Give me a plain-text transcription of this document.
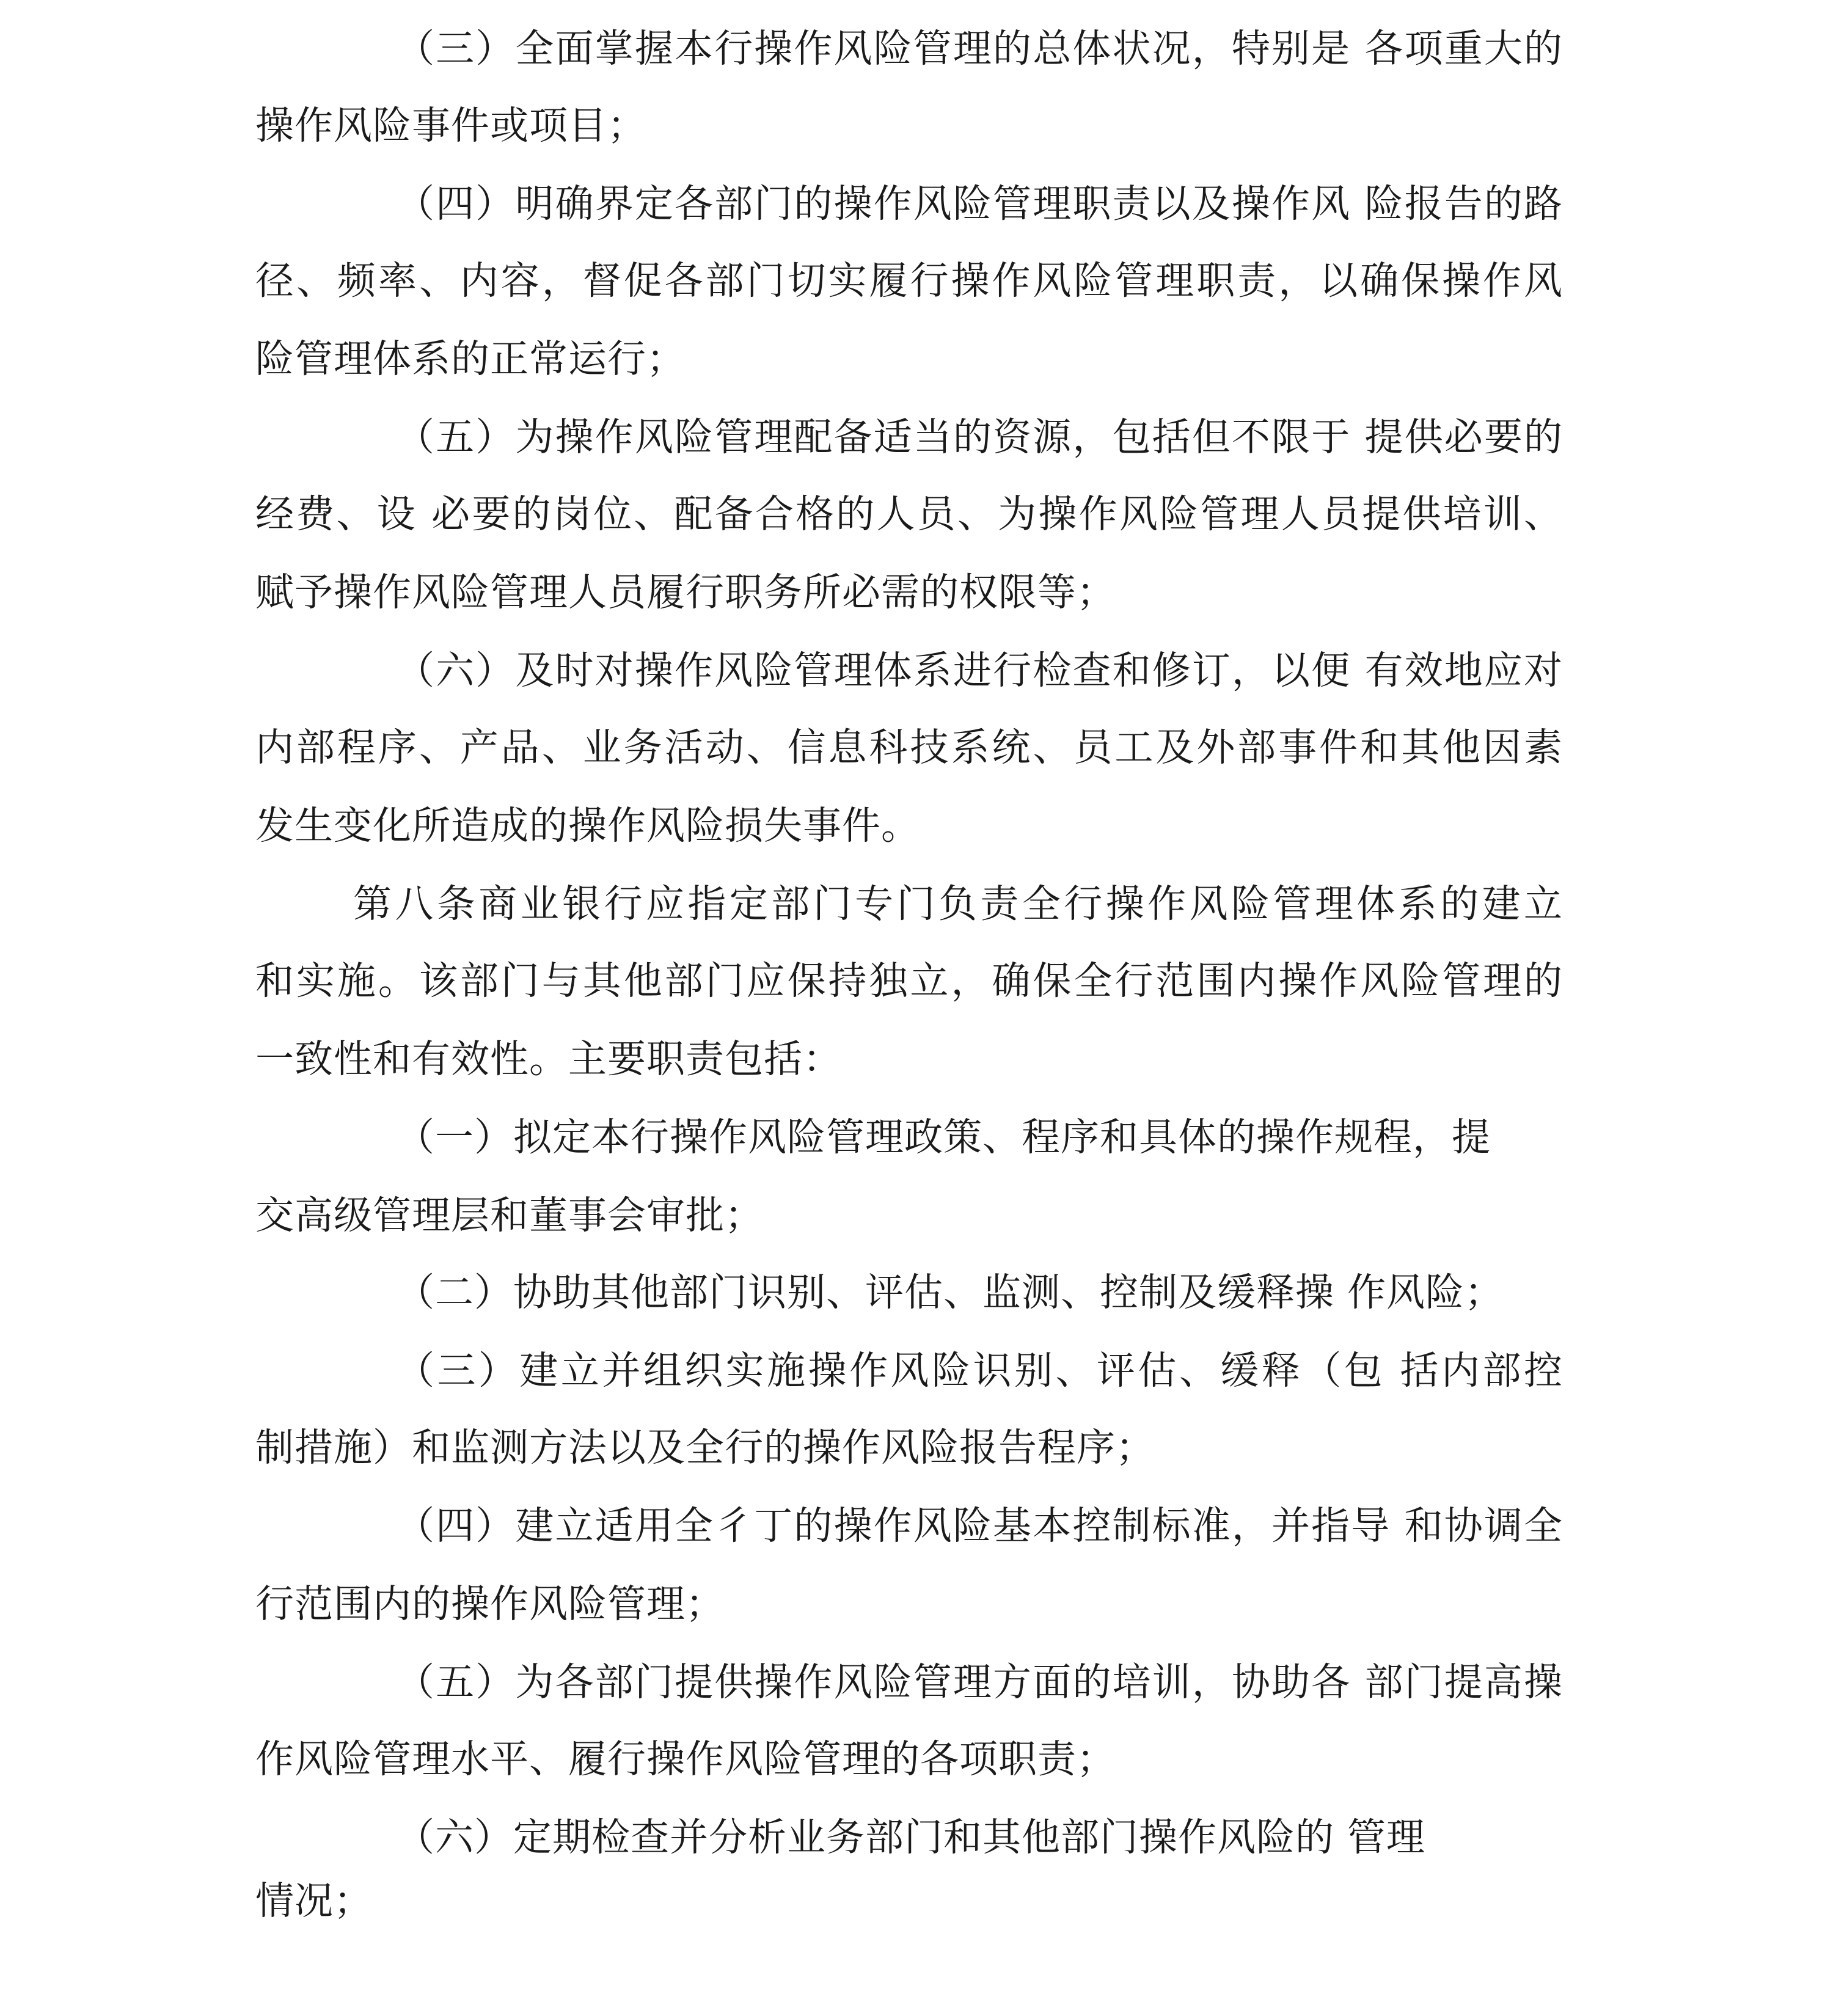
（三）全面掌握本行操作风险管理的总体状况，特别是 各项重大的
操作风险事件或项目；
（四）明确界定各部门的操作风险管理职责以及操作风 险报告的路
径、频率、内容，督促各部门切实履行操作风险管理职责，以确保操作风
险管理体系的正常运行；
（五）为操作风险管理配备适当的资源，包括但不限于 提供必要的
经费、设 必要的岗位、配备合格的人员、为操作风险管理人员提供培训、
赋予操作风险管理人员履行职务所必需的权限等；
（六）及时对操作风险管理体系进行检查和修订，以便 有效地应对
内部程序、产品、业务活动、信息科技系统、员工及外部事件和其他因素
发生变化所造成的操作风险损失事件。
第八条商业银行应指定部门专门负责全行操作风险管理体系的建立
和实施。该部门与其他部门应保持独立，确保全行范围内操作风险管理的
一致性和有效性。主要职责包括：
（一）拟定本行操作风险管理政策、程序和具体的操作规程，提
交高级管理层和董事会审批；
（二）协助其他部门识别、评估、监测、控制及缓释操 作风险；
（三）建立并组织实施操作风险识别、评估、缓释（包 括内部控
制措施）和监测方法以及全行的操作风险报告程序；
（四）建立适用全彳丁的操作风险基本控制标准，并指导 和协调全
行范围内的操作风险管理；
（五）为各部门提供操作风险管理方面的培训，协助各 部门提高操
作风险管理水平、履行操作风险管理的各项职责；
（六）定期检查并分析业务部门和其他部门操作风险的 管理
情况；
